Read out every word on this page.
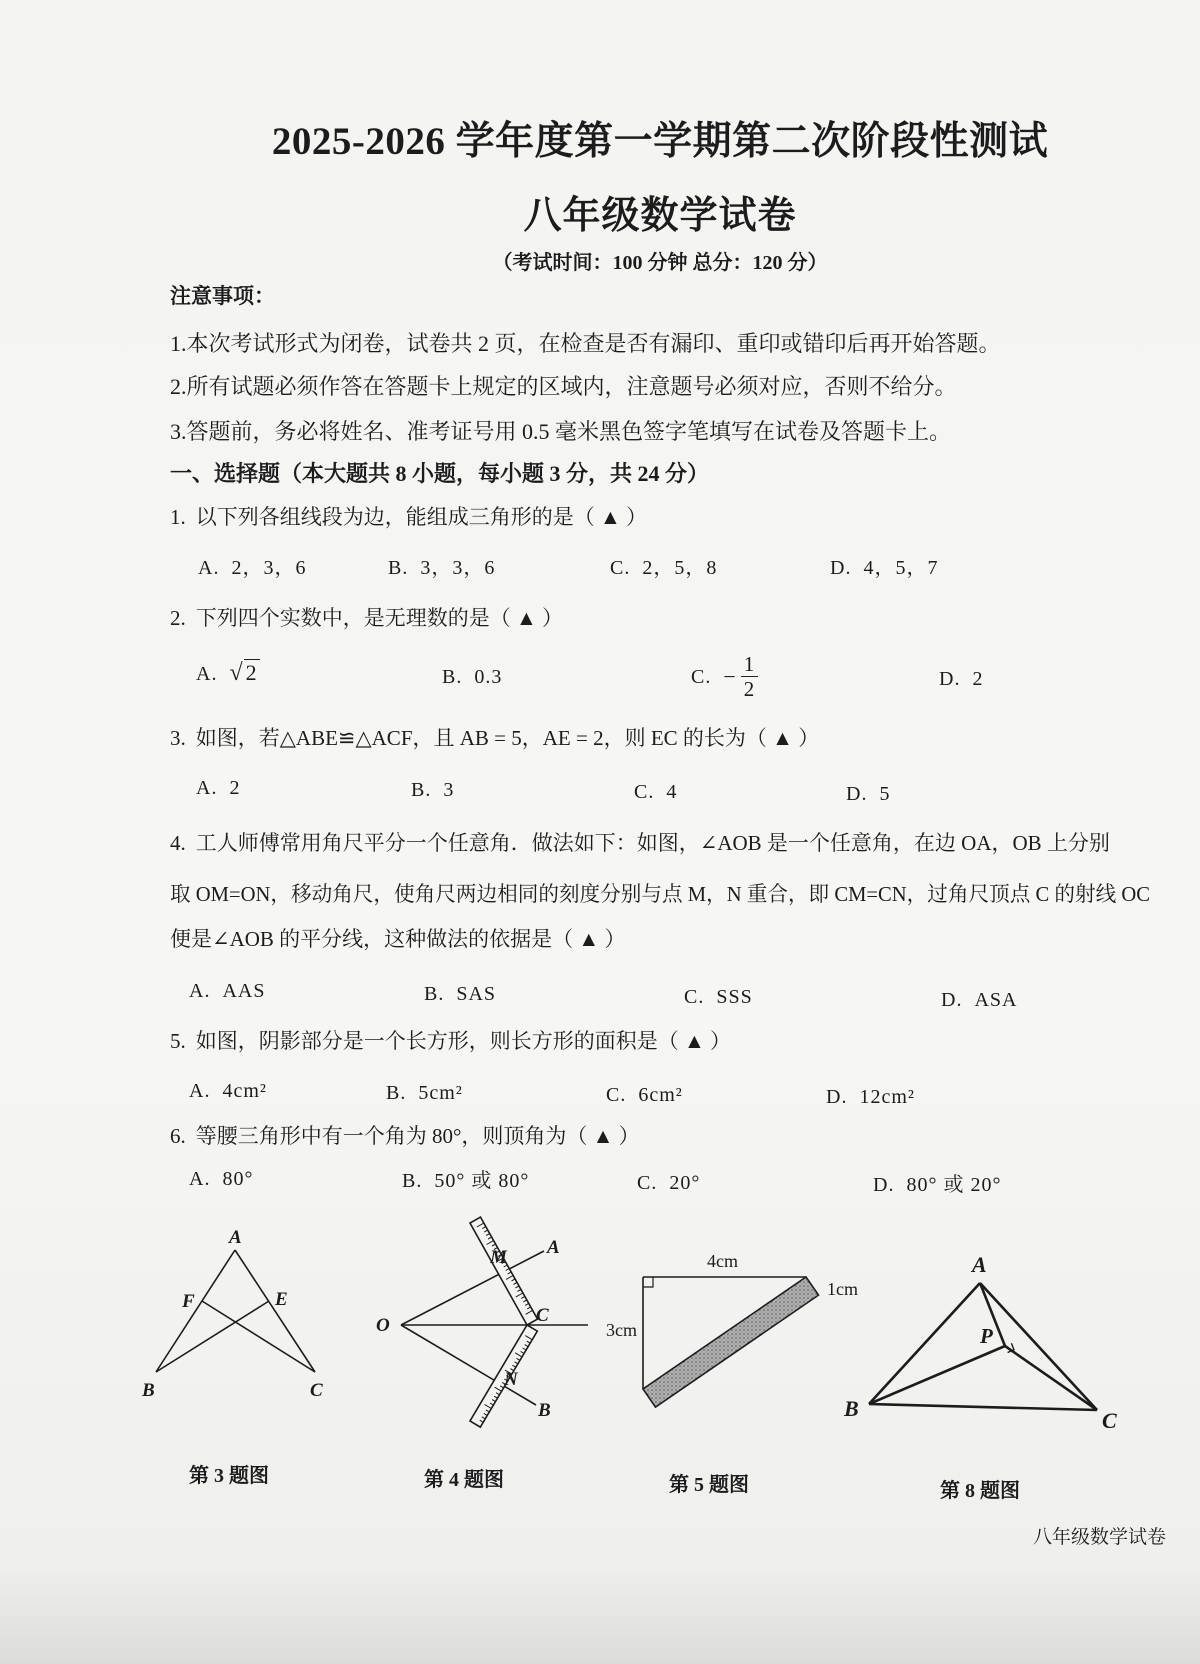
2025-2026 学年度第一学期第二次阶段性测试
八年级数学试卷
（考试时间：100 分钟 总分：120 分）
注意事项：
1.本次考试形式为闭卷，试卷共 2 页，在检查是否有漏印、重印或错印后再开始答题。
2.所有试题必须作答在答题卡上规定的区域内，注意题号必须对应，否则不给分。
3.答题前，务必将姓名、准考证号用 0.5 毫米黑色签字笔填写在试卷及答题卡上。
一、选择题（本大题共 8 小题，每小题 3 分，共 24 分）
1. 以下列各组线段为边，能组成三角形的是（ ▲ ）
A. 2，3，6	B. 3，3，6	C. 2，5，8	D. 4，5，7
2. 下列四个实数中，是无理数的是（ ▲ ）
A. √2	B. 0.3	C. − $\frac{1}{2}$	D. 2
3. 如图，若△ABE≌△ACF，且 AB = 5，AE = 2，则 EC 的长为（ ▲ ）
A. 2	B. 3	C. 4	D. 5
4. 工人师傅常用角尺平分一个任意角．做法如下：如图，∠AOB 是一个任意角，在边 OA，OB 上分别
取 OM=ON，移动角尺，使角尺两边相同的刻度分别与点 M，N 重合，即 CM=CN，过角尺顶点 C 的射线 OC
便是∠AOB 的平分线，这种做法的依据是（ ▲ ）
A. AAS	B. SAS	C. SSS	D. ASA
5. 如图，阴影部分是一个长方形，则长方形的面积是（ ▲ ）
A. 4cm²	B. 5cm²	C. 6cm²	D. 12cm²
6. 等腰三角形中有一个角为 80°，则顶角为（ ▲ ）
A. 80°	B. 50° 或 80°	C. 20°	D. 80° 或 20°
A
F	E
B	C
M A
O	C
N
B
4cm
1cm
3cm
A
P
B	C
第 3 题图	第 4 题图	第 5 题图	第 8 题图
八年级数学试卷
